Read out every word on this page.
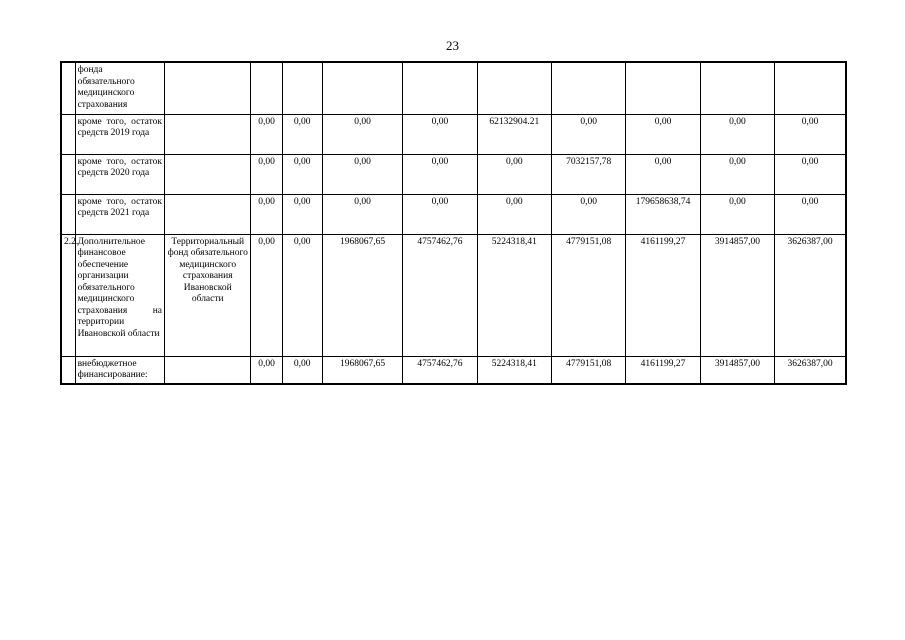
23
	фонда обязательного медицинского страхования										
	кроме того, остаток средств 2019 года		0,00	0,00	0,00	0,00	62132904.21	0,00	0,00	0,00	0,00
	кроме того, остаток средств 2020 года		0,00	0,00	0,00	0,00	0,00	7032157,78	0,00	0,00	0,00
	кроме того, остаток средств 2021 года		0,00	0,00	0,00	0,00	0,00	0,00	179658638,74	0,00	0,00
2.2.	Дополнительное финансовое обеспечение организации обязательного медицинского страхования на территории Ивановской области	Территориальный фонд обязательного медицинского страхования Ивановской области	0,00	0,00	1968067,65	4757462,76	5224318,41	4779151,08	4161199,27	3914857,00	3626387,00
	внебюджетное финансирование:		0,00	0,00	1968067,65	4757462,76	5224318,41	4779151,08	4161199,27	3914857,00	3626387,00
